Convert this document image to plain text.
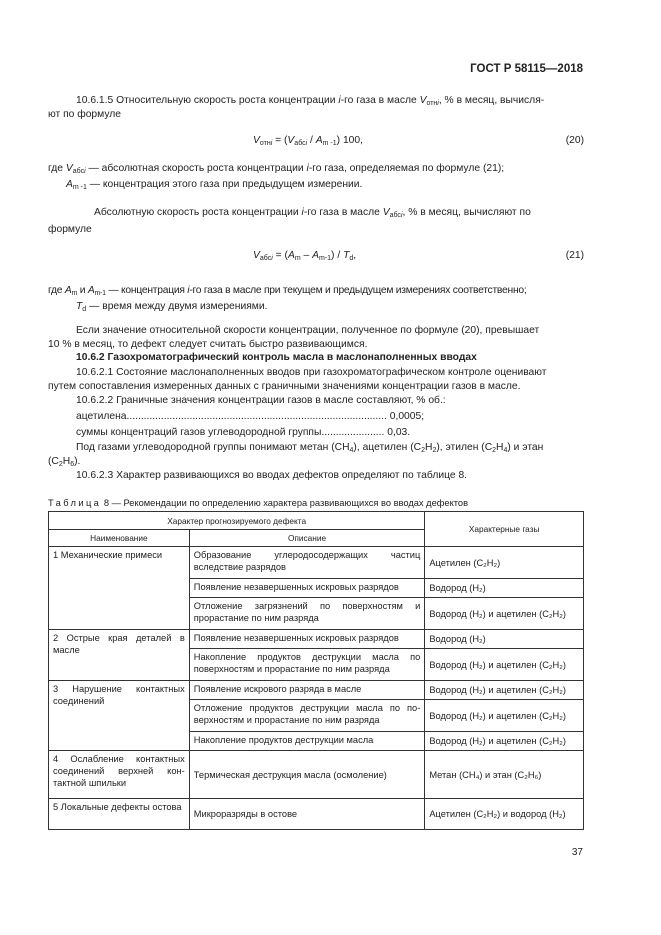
ГОСТ Р 58115—2018
10.6.1.5 Относительную скорость роста концентрации i-го газа в масле $V_{отнi}$, % в месяц, вычисля-
ют по формуле
$V_{отнi} = (V_{абсi} / A_{m -1})$ 100,	(20)
где $V_{абсi}$ — абсолютная скорость роста концентрации i-го газа, определяемая по формуле (21);
$A_{m -1}$ — концентрация этого газа при предыдущем измерении.
Абсолютную скорость роста концентрации i-го газа в масле $V_{абсi}$, % в месяц, вычисляют по
формуле
$V_{абсi} = (A_m - A_{m-1}) / T_d$,	(21)
где $A_m$ и $A_{m-1}$ — концентрация i-го газа в масле при текущем и предыдущем измерениях соответственно;
$T_d$ — время между двумя измерениями.
Если значение относительной скорости концентрации, полученное по формуле (20), превышает
10 % в месяц, то дефект следует считать быстро развивающимся.
10.6.2 Газохроматографический контроль масла в маслонаполненных вводах
10.6.2.1 Состояние маслонаполненных вводов при газохроматографическом контроле оценивают
путем сопоставления измеренных данных с граничными значениями концентрации газов в масле.
10.6.2.2 Граничные значения концентрации газов в масле составляют, % об.:
ацетилена........................................................................................... 0,0005;
суммы концентраций газов углеводородной группы...................... 0,03.
Под газами углеводородной группы понимают метан $(CH_4)$, ацетилен $(C_2H_2)$, этилен $(C_2H_4)$ и этан
$(C_2H_6)$.
10.6.2.3 Характер развивающихся во вводах дефектов определяют по таблице 8.
Таблица 8 — Рекомендации по определению характера развивающихся во вводах дефектов
Характер прогнозируемого дефекта		Характерные газы
Наименование	Описание	
1 Механические примеси	Образование углеродосодержащих частиц вследствие разрядов	Ацетилен (C₂H₂)
	Появление незавершенных искровых разрядов	Водород (H₂)
	Отложение загрязнений по поверхностям и прорастание по ним разряда	Водород (H₂) и ацетилен (C₂H₂)
2 Острые края деталей в масле	Появление незавершенных искровых разрядов	Водород (H₂)
	Накопление продуктов деструкции масла по поверхностям и прорастание по ним разряда	Водород (H₂) и ацетилен (C₂H₂)
3 Нарушение контактных соединений	Появление искрового разряда в масле	Водород (H₂) и ацетилен (C₂H₂)
	Отложение продуктов деструкции масла по по-верхностям и прорастание по ним разряда	Водород (H₂) и ацетилен (C₂H₂)
	Накопление продуктов деструкции масла	Водород (H₂) и ацетилен (C₂H₂)
4 Ослабление контактных соединений верхней кон-тактной шпильки	Термическая деструкция масла (осмоление)	Метан (CH₄) и этан (C₂H₆)
5 Локальные дефекты остова	Микроразряды в остове	Ацетилен (C₂H₂) и водород (H₂)
37
